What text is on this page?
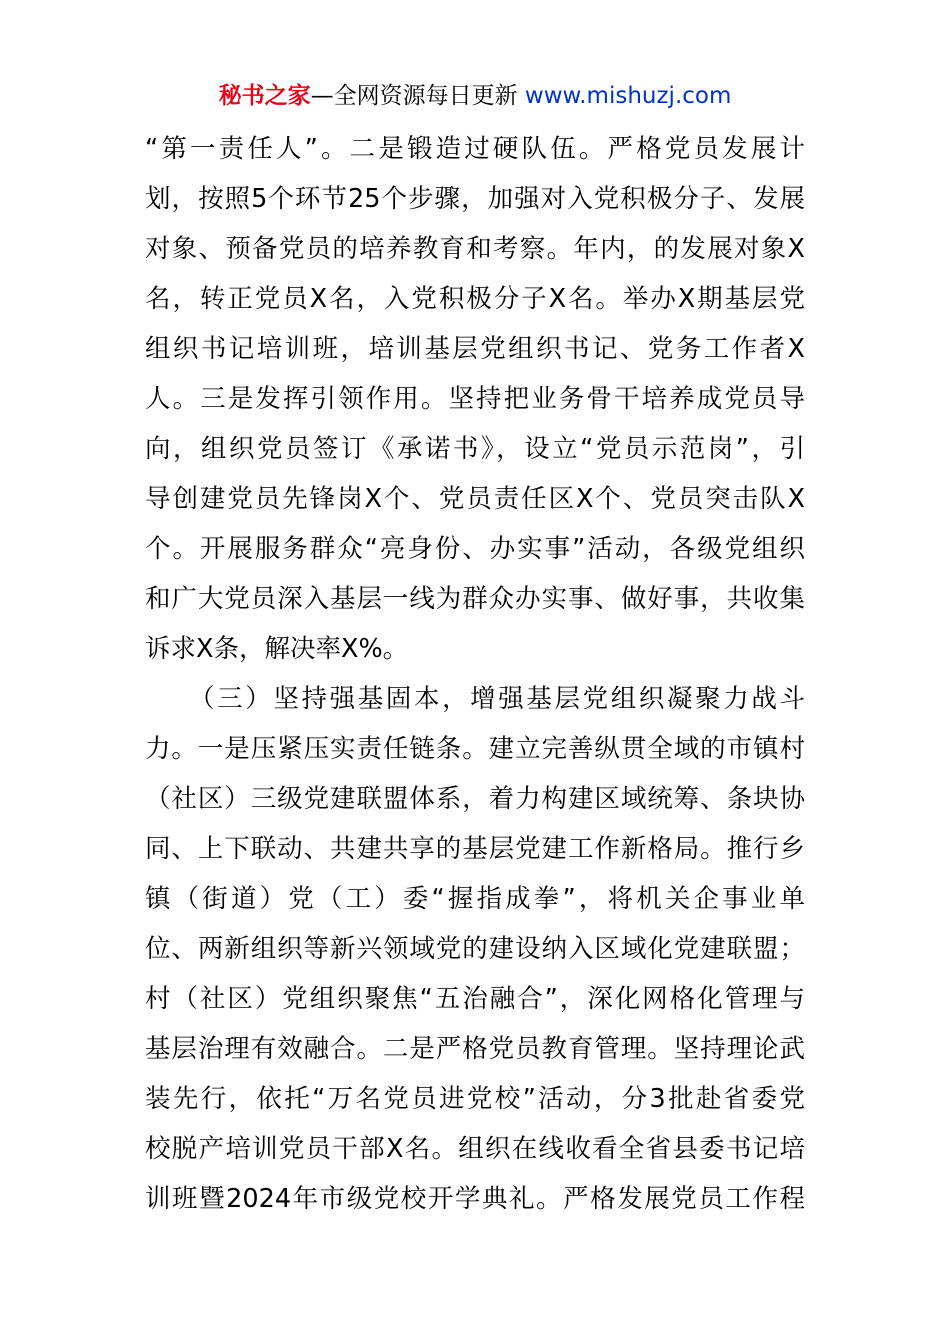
秘书之家—全网资源每日更新 www.mishuzj.com
“第一责任人”。二是锻造过硬队伍。严格党员发展计
划，按照5个环节25个步骤，加强对入党积极分子、发展
对象、预备党员的培养教育和考察。年内，的发展对象X
名，转正党员X名，入党积极分子X名。举办X期基层党
组织书记培训班，培训基层党组织书记、党务工作者X
人。三是发挥引领作用。坚持把业务骨干培养成党员导
向，组织党员签订《承诺书》，设立“党员示范岗”，引
导创建党员先锋岗X个、党员责任区X个、党员突击队X
个。开展服务群众“亮身份、办实事”活动，各级党组织
和广大党员深入基层一线为群众办实事、做好事，共收集
诉求X条，解决率X%。
（三）坚持强基固本，增强基层党组织凝聚力战斗
力。一是压紧压实责任链条。建立完善纵贯全域的市镇村
（社区）三级党建联盟体系，着力构建区域统筹、条块协
同、上下联动、共建共享的基层党建工作新格局。推行乡
镇（街道）党（工）委“握指成拳”，将机关企事业单
位、两新组织等新兴领域党的建设纳入区域化党建联盟；
村（社区）党组织聚焦“五治融合”，深化网格化管理与
基层治理有效融合。二是严格党员教育管理。坚持理论武
装先行，依托“万名党员进党校”活动，分3批赴省委党
校脱产培训党员干部X名。组织在线收看全省县委书记培
训班暨2024年市级党校开学典礼。严格发展党员工作程
